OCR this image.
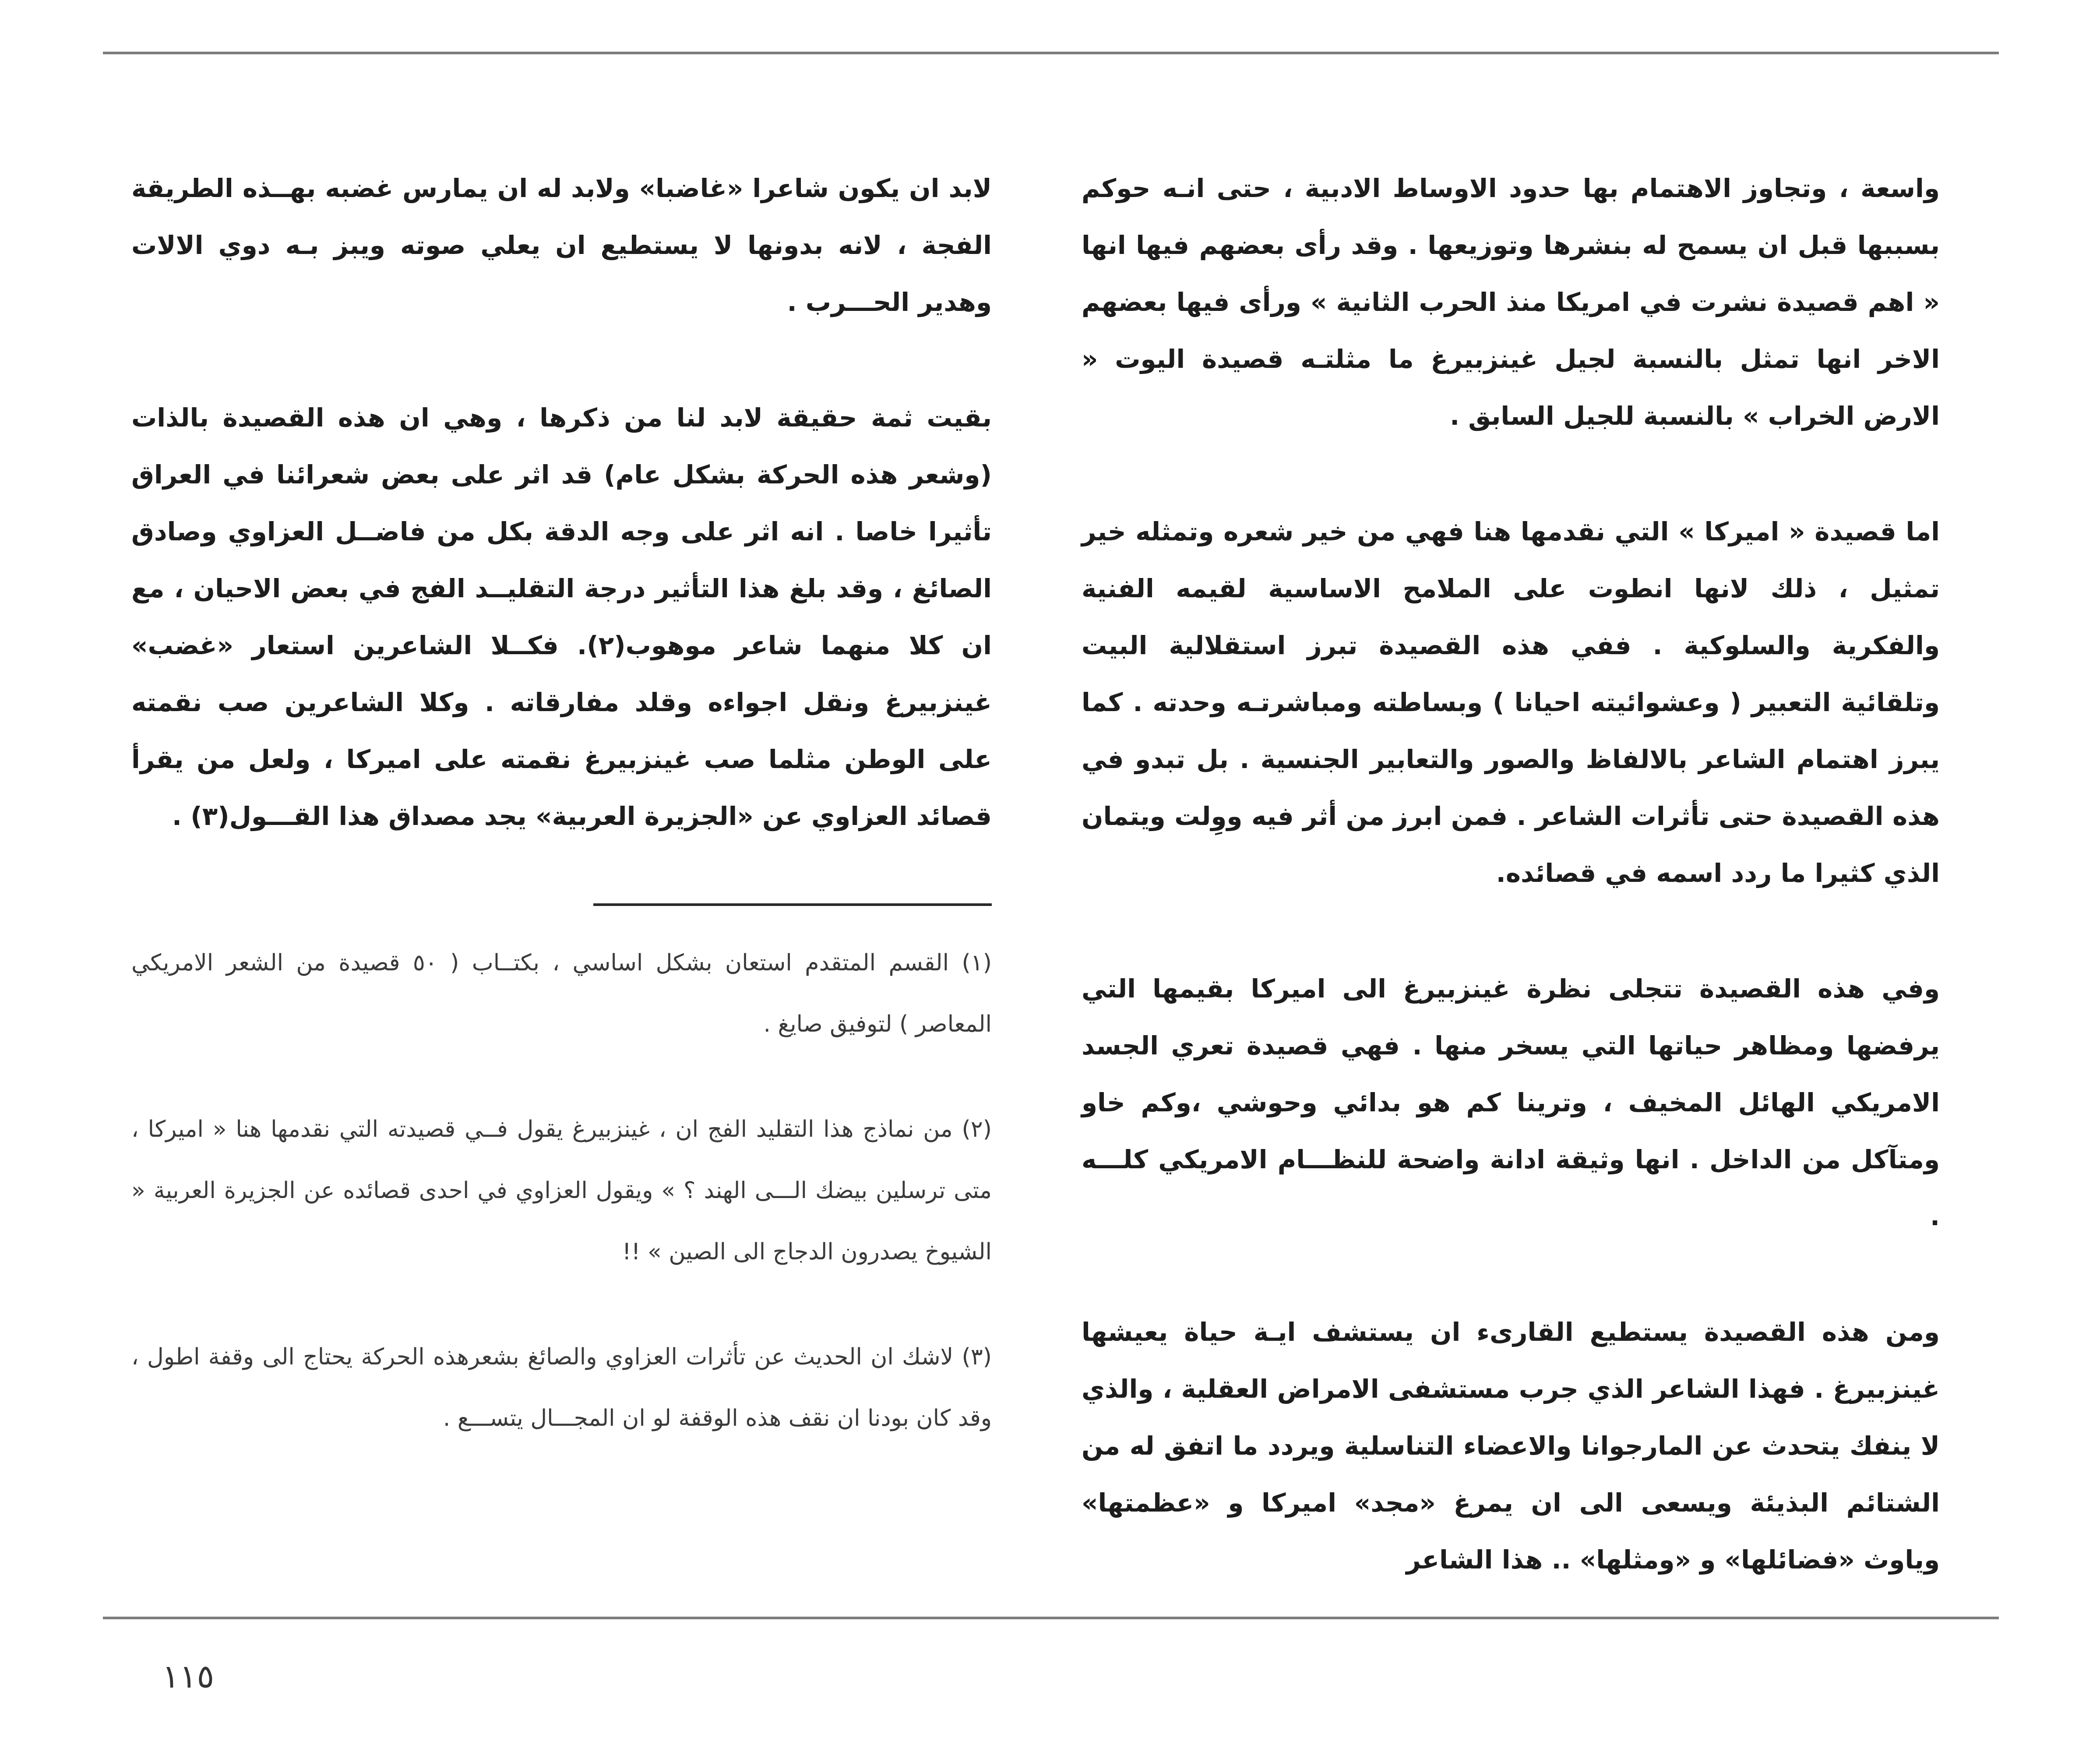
واسعة ، وتجاوز الاهتمام بها حدود الاوساط الادبية ، حتى انـه حوكم بسببها قبل ان يسمح له بنشرها وتوزيعها . وقد رأى بعضهم فيها انها « اهم قصيدة نشرت في امريكا منذ الحرب الثانية » ورأى فيها بعضهم الاخر انها تمثل بالنسبة لجيل غينزبيرغ ما مثلتـه قصيدة اليوت « الارض الخراب » بالنسبة للجيل السابق .

اما قصيدة « اميركا » التي نقدمها هنا فهي من خير شعره وتمثله خير تمثيل ، ذلك لانها انطوت على الملامح الاساسية لقيمه الفنية والفكرية والسلوكية . ففي هذه القصيدة تبرز استقلالية البيت وتلقائية التعبير ( وعشوائيته احيانا ) وبساطته ومباشرتـه وحدته . كما يبرز اهتمام الشاعر بالالفاظ والصور والتعابير الجنسية . بل تبدو في هذه القصيدة حتى تأثرات الشاعر . فمن ابرز من أثر فيه ووِلت ويتمان الذي كثيرا ما ردد اسمه في قصائده.

وفي هذه القصيدة تتجلى نظرة غينزبيرغ الى اميركا بقيمها التي يرفضها ومظاهر حياتها التي يسخر منها . فهي قصيدة تعري الجسد الامريكي الهائل المخيف ، وترينا كم هو بدائي وحوشي ،وكم خاو ومتآكل من الداخل . انها وثيقة ادانة واضحة للنظـــام الامريكي كلـــه .

ومن هذه القصيدة يستطيع القارىء ان يستشف ايـة حياة يعيشها غينزبيرغ . فهذا الشاعر الذي جرب مستشفى الامراض العقلية ، والذي لا ينفك يتحدث عن المارجوانا والاعضاء التناسلية ويردد ما اتفق له من الشتائم البذيئة ويسعى الى ان يمرغ «مجد» اميركا و «عظمتها» وياوث «فضائلها» و «ومثلها» .. هذا الشاعر

لابد ان يكون شاعرا «غاضبا» ولابد له ان يمارس غضبه بهــذه الطريقة الفجة ، لانه بدونها لا يستطيع ان يعلي صوته ويبز بـه دوي الالات وهدير الحـــرب .

بقيت ثمة حقيقة لابد لنا من ذكرها ، وهي ان هذه القصيدة بالذات (وشعر هذه الحركة بشكل عام) قد اثر على بعض شعرائنا في العراق تأثيرا خاصا . انه اثر على وجه الدقة بكل من فاضــل العزاوي وصادق الصائغ ، وقد بلغ هذا التأثير درجة التقليــد الفج في بعض الاحيان ، مع ان كلا منهما شاعر موهوب(٢). فكــلا الشاعرين استعار «غضب» غينزبيرغ ونقل اجواءه وقلد مفارقاته . وكلا الشاعرين صب نقمته على الوطن مثلما صب غينزبيرغ نقمته على اميركا ، ولعل من يقرأ قصائد العزاوي عن «الجزيرة العربية» يجد مصداق هذا القـــول(٣) .

(١) القسم المتقدم استعان بشكل اساسي ، بكتــاب ( ٥٠ قصيدة من الشعر الامريكي المعاصر ) لتوفيق صايغ .

(٢) من نماذج هذا التقليد الفج ان ، غينزبيرغ يقول فــي قصيدته التي نقدمها هنا « اميركا ، متى ترسلين بيضك الـــى الهند ؟ » ويقول العزاوي في احدى قصائده عن الجزيرة العربية « الشيوخ يصدرون الدجاج الى الصين » !!

(٣) لاشك ان الحديث عن تأثرات العزاوي والصائغ بشعرهذه الحركة يحتاج الى وقفة اطول ، وقد كان بودنا ان نقف هذه الوقفة لو ان المجـــال يتســـع .

١١٥
